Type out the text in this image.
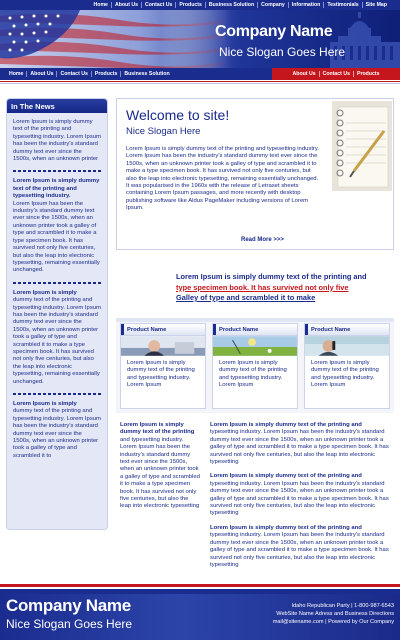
Home	About Us	Contact Us	Products	Business Solution	Company	Information	Testimonials	Site Map
Company Name
Nice Slogan Goes Here
Home	About Us	Contact Us	Products	Business Solution	About Us	Contact Us	Products
In The News
Lorem Ipsum is simply dummy text of the printing and typesetting industry. Lorem Ipsum has been the industry's standard dummy text ever since the 1500s, when an unknown printer
Lorem Ipsum is simply dummy text of the printing and typesetting industry.
Lorem Ipsum has been the industry's standard dummy text ever since the 1500s, when an unknown printer took a galley of type and scrambled it to make a type specimen book. It has survived not only five centuries, but also the leap into electronic typesetting, remaining essentially unchanged.
Lorem Ipsum is simply
dummy text of the printing and typesetting industry. Lorem Ipsum has been the industry's standard dummy text ever since the 1500s, when an unknown printer took a galley of type and scrambled it to make a type specimen book. It has survived not only five centuries, but also the leap into electronic typesetting, remaining essentially unchanged.
Lorem Ipsum is simply
dummy text of the printing and typesetting industry. Lorem Ipsum has been the industry's standard dummy text ever since the 1500s, when an unknown printer took a galley of type and scrambled it to
Welcome to site!
Nice Slogan Here

Lorem Ipsum is simply dummy text of the printing and typesetting industry. Lorem Ipsum has been the industry's standard dummy text ever since the 1500s, when an unknown printer took a galley of type and scrambled it to make a type specimen book. It has survived not only five centuries, but also the leap into electronic typesetting, remaining essentially unchanged. It was popularised in the 1960s with the release of Letraset sheets containing Lorem Ipsum passages, and more recently with desktop publishing software like Aldus PageMaker including versions of Lorem Ipsum.

Read More >>>

Lorem Ipsum is simply dummy text of the printing and
type specimen book. It has survived not only five
Galley of type and scrambled it to make

Product Name
Lorem Ipsum is simply dummy text of the printing and typesetting industry. Lorem Ipsum
Product Name
Lorem Ipsum is simply dummy text of the printing and typesetting industry. Lorem Ipsum
Product Name
Lorem Ipsum is simply dummy text of the printing and typesetting industry. Lorem Ipsum
Lorem Ipsum is simply dummy text of the printing
and typesetting industry. Lorem Ipsum has been the industry's standard dummy text ever since the 1500s, when an unknown printer took a galley of type and scrambled it to make a type specimen book. It has survived not only five centuries, but also the leap into electronic typesetting
Lorem Ipsum is simply dummy text of the printing and
typesetting industry. Lorem Ipsum has been the industry's standard dummy text ever since the 1500s, when an unknown printer took a galley of type and scrambled it to make a type specimen book. It has survived not only five centuries, but also the leap into electronic typesetting
Lorem Ipsum is simply dummy text of the printing and
typesetting industry. Lorem Ipsum has been the industry's standard dummy text ever since the 1500s, when an unknown printer took a galley of type and scrambled it to make a type specimen book. It has survived not only five centuries, but also the leap into electronic typesetting
Lorem Ipsum is simply dummy text of the printing and
typesetting industry. Lorem Ipsum has been the industry's standard dummy text ever since the 1500s, when an unknown printer took a galley of type and scrambled it to make a type specimen book. It has survived not only five centuries, but also the leap into electronic typesetting
Company Name
Nice Slogan Goes Here
Idaho Republican Party | 1-800-987-6543
WebSite Name Adress and Business Directions
mail@sitename.com | Powered by Our Company
